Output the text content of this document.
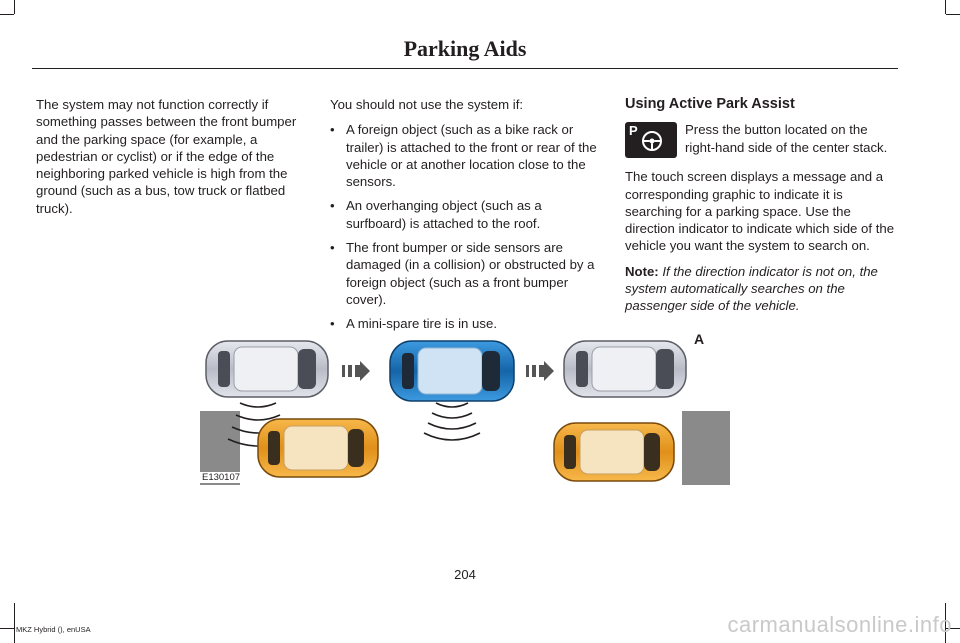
Parking Aids

The system may not function correctly if something passes between the front bumper and the parking space (for example, a pedestrian or cyclist) or if the edge of the neighboring parked vehicle is high from the ground (such as a bus, tow truck or flatbed truck).

You should not use the system if:

• A foreign object (such as a bike rack or trailer) is attached to the front or rear of the vehicle or at another location close to the sensors.
• An overhanging object (such as a surfboard) is attached to the roof.
• The front bumper or side sensors are damaged (in a collision) or obstructed by a foreign object (such as a front bumper cover).
• A mini-spare tire is in use.

Using Active Park Assist

P	Press the button located on the right-hand side of the center stack.

The touch screen displays a message and a corresponding graphic to indicate it is searching for a parking space. Use the direction indicator to indicate which side of the vehicle you want the system to search on.

Note: If the direction indicator is not on, the system automatically searches on the passenger side of the vehicle.

A
E130107
204
MKZ Hybrid (), enUSA	carmanualsonline.info
